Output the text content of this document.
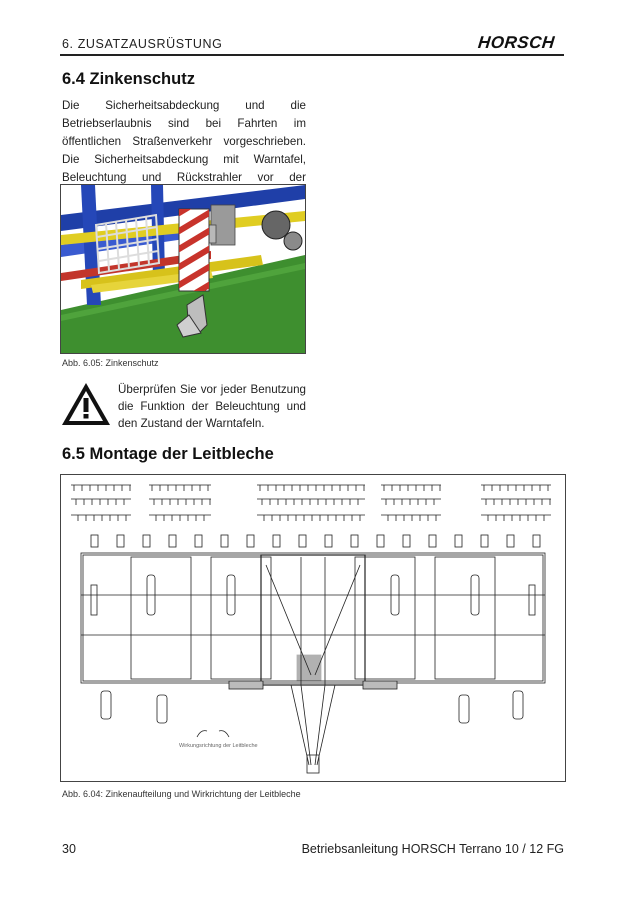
6. ZUSATZAUSRÜSTUNG	HORSCH
6.4 Zinkenschutz
Die Sicherheitsabdeckung und die Betriebserlaubnis sind bei Fahrten im öffentlichen Straßenverkehr vorgeschrieben. Die Sicherheitsabdeckung mit Warntafel, Beleuchtung und Rückstrahler vor der
Abb. 6.05: Zinkenschutz
Überprüfen Sie vor jeder Benutzung die Funktion der Beleuchtung und den Zustand der Warntafeln.
6.5 Montage der Leitbleche
Wirkungsrichtung der Leitbleche
Abb. 6.04: Zinkenaufteilung und Wirkrichtung der Leitbleche
30	Betriebsanleitung HORSCH Terrano 10 / 12 FG
